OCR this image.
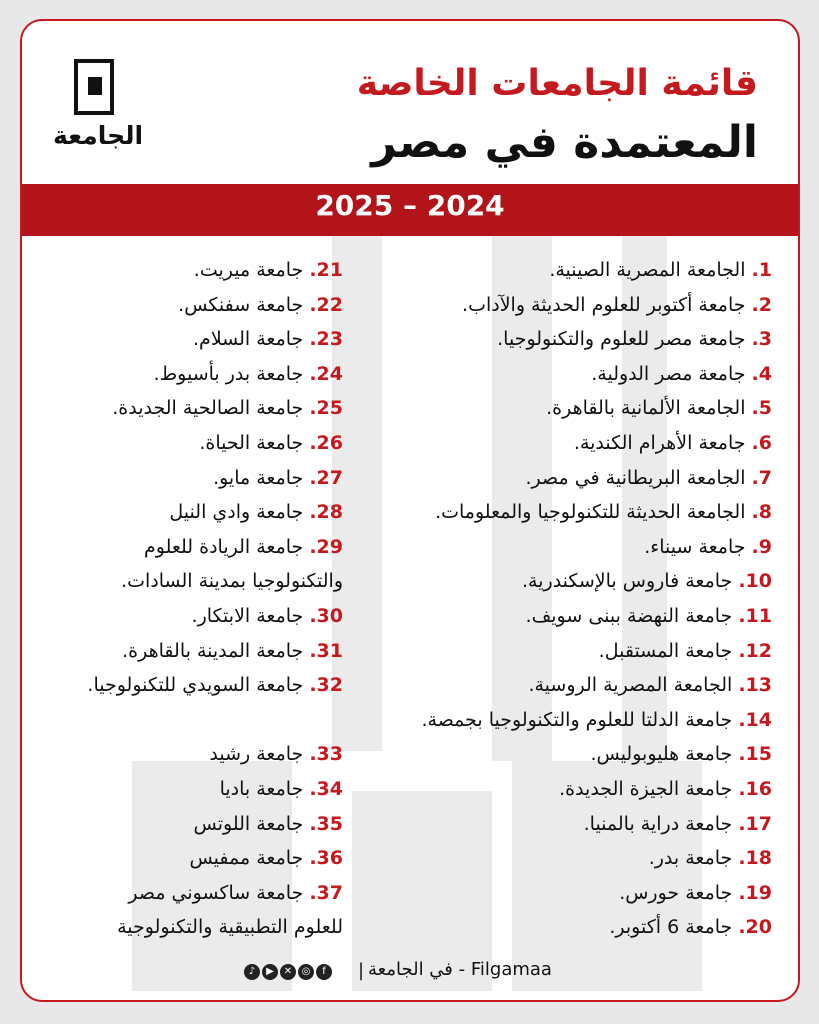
الجامعة
قائمة الجامعات الخاصة
المعتمدة في مصر
2025 – 2024
1. الجامعة المصرية الصينية.
2. جامعة أكتوبر للعلوم الحديثة والآداب.
3. جامعة مصر للعلوم والتكنولوجيا.
4. جامعة مصر الدولية.
5. الجامعة الألمانية بالقاهرة.
6. جامعة الأهرام الكندية.
7. الجامعة البريطانية في مصر.
8. الجامعة الحديثة للتكنولوجيا والمعلومات.
9. جامعة سيناء.
10. جامعة فاروس بالإسكندرية.
11. جامعة النهضة ببنى سويف.
12. جامعة المستقبل.
13. الجامعة المصرية الروسية.
14. جامعة الدلتا للعلوم والتكنولوجيا بجمصة.
15. جامعة هليوبوليس.
16. جامعة الجيزة الجديدة.
17. جامعة دراية بالمنيا.
18. جامعة بدر.
19. جامعة حورس.
20. جامعة 6 أكتوبر.
21. جامعة ميريت.
22. جامعة سفنكس.
23. جامعة السلام.
24. جامعة بدر بأسيوط.
25. جامعة الصالحية الجديدة.
26. جامعة الحياة.
27. جامعة مايو.
28. جامعة وادي النيل
29. جامعة الريادة للعلوم
والتكنولوجيا بمدينة السادات.
30. جامعة الابتكار.
31. جامعة المدينة بالقاهرة.
32. جامعة السويدي للتكنولوجيا.
33. جامعة رشيد
34. جامعة باديا
35. جامعة اللوتس
36. جامعة ممفيس
37. جامعة ساكسوني مصر
للعلوم التطبيقية والتكنولوجية
♪ ▶ ✕ ◎ f	| في الجامعة - Filgamaa
